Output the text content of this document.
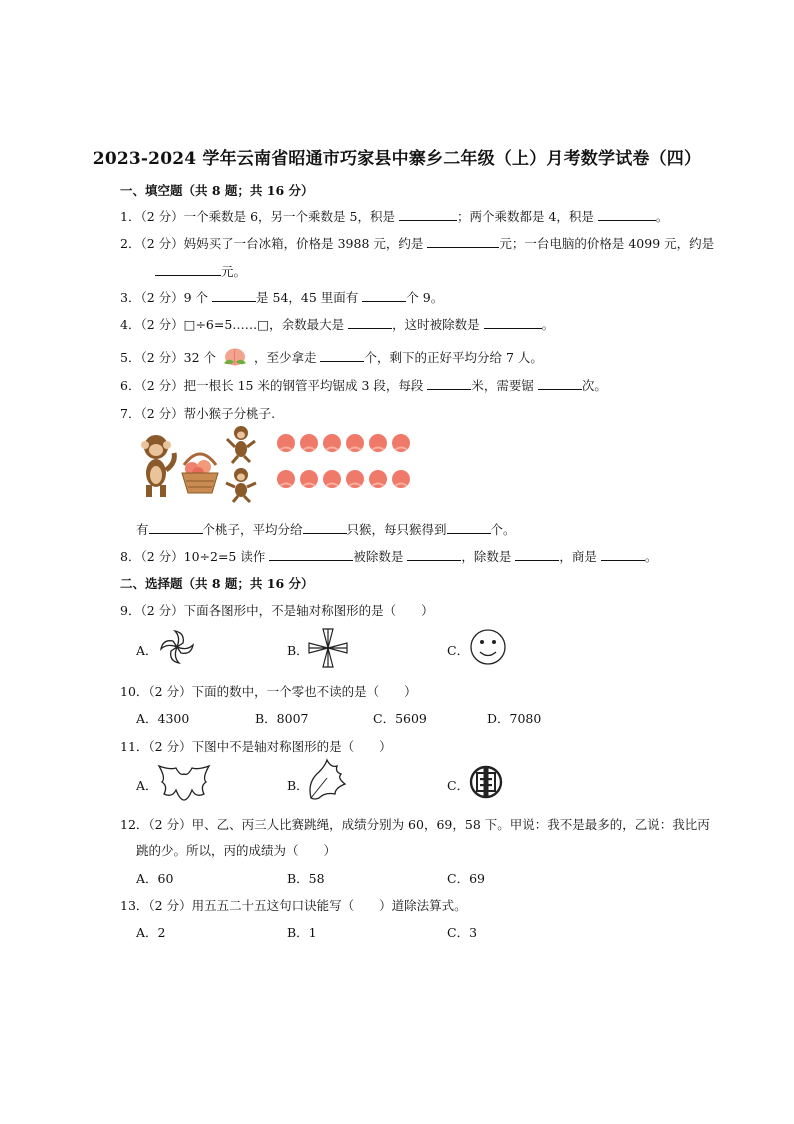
2023-2024 学年云南省昭通市巧家县中寨乡二年级（上）月考数学试卷（四）
一、填空题（共 8 题；共 16 分）
1．（2 分）一个乘数是 6，另一个乘数是 5，积是	；两个乘数都是 4，积是	。
2．（2 分）妈妈买了一台冰箱，价格是 3988 元，约是	元；一台电脑的价格是 4099 元，约是
元。
3．（2 分）9 个	是 54，45 里面有	个 9。
4．（2 分）□÷6=5……□，余数最大是	，这时被除数是	。
5．（2 分）32 个	，至少拿走	个，剩下的正好平均分给 7 人。
6．（2 分）把一根长 15 米的钢管平均锯成 3 段，每段	米，需要锯	次。
7．（2 分）帮小猴子分桃子.
有	个桃子，平均分给	只猴，每只猴得到	个。
8．（2 分）10÷2=5 读作	被除数是	，除数是	，商是	。
二、选择题（共 8 题；共 16 分）
9．（2 分）下面各图形中，不是轴对称图形的是（　　）
A．	B．	C．
10．（2 分）下面的数中，一个零也不读的是（　　）
A．4300	B．8007	C．5609	D．7080
11．（2 分）下图中不是轴对称图形的是（　　）
A．	B．	C．
12．（2 分）甲、乙、丙三人比赛跳绳，成绩分别为 60，69，58 下。甲说：我不是最多的，乙说：我比丙
跳的少。所以，丙的成绩为（　　）
A．60	B．58	C．69
13．（2 分）用五五二十五这句口诀能写（　　）道除法算式。
A．2	B．1	C．3
